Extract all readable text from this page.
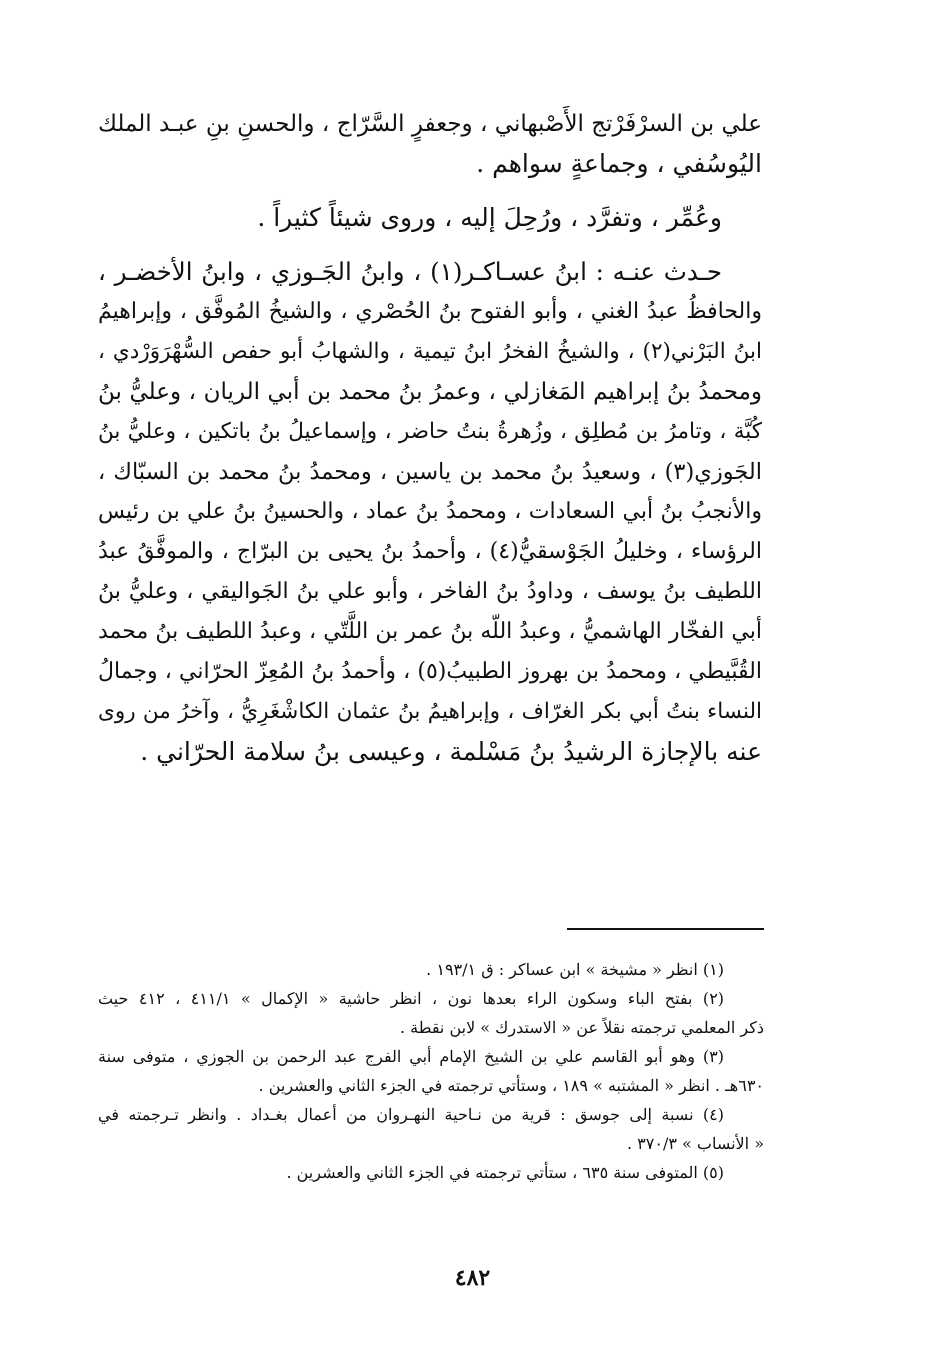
علي بن السرْفَرْتج الأَصْبهاني ، وجعفرٍ السَّرّاج ، والحسنِ بنِ عبـد الملك
اليُوسُفي ، وجماعةٍ سواهم .
وعُمِّر ، وتفرَّد ، ورُحِلَ إليه ، وروى شيئاً كثيراً .
حـدث عنـه : ابنُ عسـاكـر(١) ، وابنُ الجَـوزي ، وابنُ الأخضـر ،
والحافظُ عبدُ الغني ، وأبو الفتوح بنُ الحُصْري ، والشيخُ المُوفَّق ، وإبراهيمُ
ابنُ البَرْني(٢) ، والشيخُ الفخرُ ابنُ تيمية ، والشهابُ أبو حفص السُّهْرَوَرْدي ،
ومحمدُ بنُ إبراهيم المَغازلي ، وعمرُ بنُ محمد بن أبي الريان ، وعليُّ بنُ
كُبَّة ، وتامرُ بن مُطلِق ، وزُهرةُ بنتُ حاضر ، وإسماعيلُ بنُ باتكين ، وعليُّ بنُ
الجَوزي(٣) ، وسعيدُ بنُ محمد بن ياسين ، ومحمدُ بنُ محمد بن السبّاك ،
والأنجبُ بنُ أبي السعادات ، ومحمدُ بنُ عماد ، والحسينُ بنُ علي بن رئيس
الرؤساء ، وخليلُ الجَوْسقيُّ(٤) ، وأحمدُ بنُ يحيى بن البرّاج ، والموفَّقُ عبدُ
اللطيف بنُ يوسف ، وداودُ بنُ الفاخر ، وأبو علي بنُ الجَواليقي ، وعليُّ بنُ
أبي الفخّار الهاشميُّ ، وعبدُ اللّه بنُ عمر بن اللَّتّي ، وعبدُ اللطيف بنُ محمد
القُبَّيطي ، ومحمدُ بن بهروز الطبيبُ(٥) ، وأحمدُ بنُ المُعِزّ الحرّاني ، وجمالُ
النساء بنتُ أبي بكر الغرّاف ، وإبراهيمُ بنُ عثمان الكاشْغَرِيُّ ، وآخرُ من روى
عنه بالإجازة الرشيدُ بنُ مَسْلمة ، وعيسى بنُ سلامة الحرّاني .
(١) انظر « مشيخة » ابن عساكر : ق ١٩٣/١ .
(٢) بفتح الباء وسكون الراء بعدها نون ، انظر حاشية « الإكمال » ٤١١/١ ، ٤١٢ حيث
ذكر المعلمي ترجمته نقلاً عن « الاستدرك » لابن نقطة .
(٣) وهو أبو القاسم علي بن الشيخ الإمام أبي الفرج عبد الرحمن بن الجوزي ، متوفى سنة
٦٣٠هـ . انظر « المشتبه » ١٨٩ ، وستأتي ترجمته في الجزء الثاني والعشرين .
(٤) نسبة إلى جوسق : قرية من نـاحية النهـروان من أعمال بغـداد . وانظر تـرجمته في
« الأنساب » ٣٧٠/٣ .
(٥) المتوفى سنة ٦٣٥ ، ستأتي ترجمته في الجزء الثاني والعشرين .
٤٨٢
